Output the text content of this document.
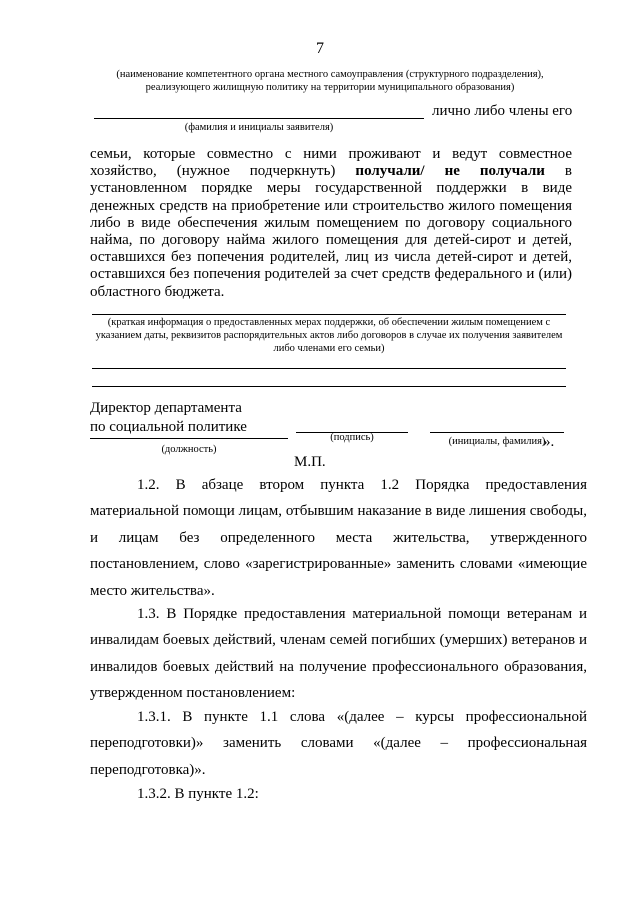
7
(наименование компетентного органа местного самоуправления (структурного подразделения), реализующего жилищную политику на территории муниципального образования)
лично либо члены его
(фамилия и инициалы заявителя)
семьи, которые совместно с ними проживают и ведут совместное хозяйство, (нужное подчеркнуть) получали/ не получали в установленном порядке меры государственной поддержки в виде денежных средств на приобретение или строительство жилого помещения либо в виде обеспечения жилым помещением по договору социального найма, по договору найма жилого помещения для детей-сирот и детей, оставшихся без попечения родителей, лиц из числа детей-сирот и детей, оставшихся без попечения родителей за счет средств федерального и (или) областного бюджета.
(краткая информация о предоставленных мерах поддержки, об обеспечении жилым помещением с указанием даты, реквизитов распорядительных актов либо договоров в случае их получения заявителем либо членами его семьи)
Директор департамента
по социальной политике
(должность)
(подпись)	(инициалы, фамилия)
».
М.П.

1.2. В абзаце втором пункта 1.2 Порядка предоставления материальной помощи лицам, отбывшим наказание в виде лишения свободы, и лицам без определенного места жительства, утвержденного постановлением, слово «зарегистрированные» заменить словами «имеющие место жительства».

1.3. В Порядке предоставления материальной помощи ветеранам и инвалидам боевых действий, членам семей погибших (умерших) ветеранов и инвалидов боевых действий на получение профессионального образования, утвержденном постановлением:

1.3.1. В пункте 1.1 слова «(далее – курсы профессиональной переподготовки)» заменить словами «(далее – профессиональная переподготовка)».

1.3.2. В пункте 1.2:
